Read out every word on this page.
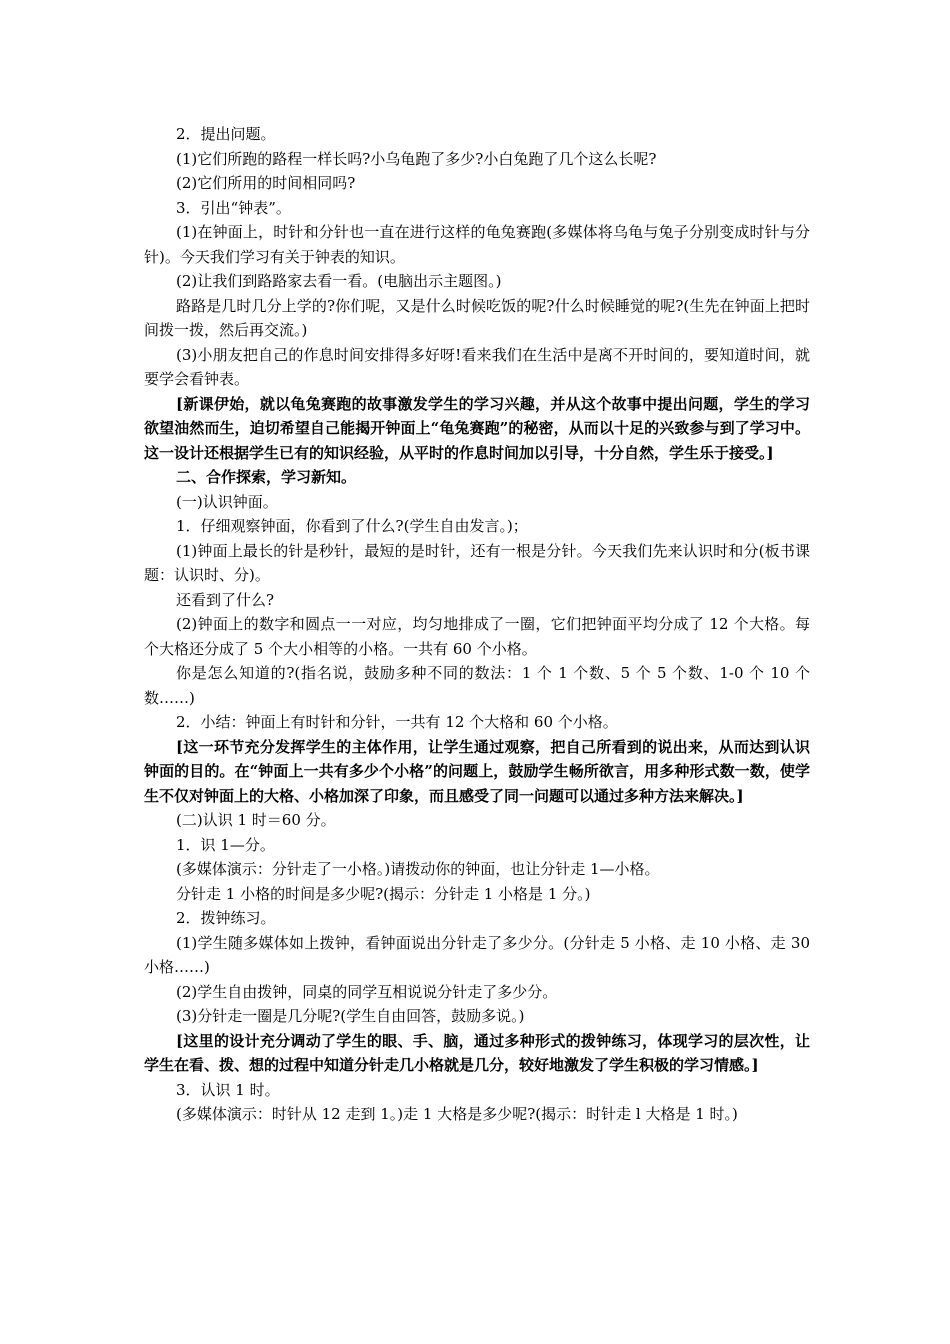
2．提出问题。

(1)它们所跑的路程一样长吗?小乌龟跑了多少?小白兔跑了几个这么长呢?

(2)它们所用的时间相同吗?

3．引出“钟表”。

(1)在钟面上，时针和分针也一直在进行这样的龟兔赛跑(多媒体将乌龟与兔子分别变成时针与分针)。今天我们学习有关于钟表的知识。

(2)让我们到路路家去看一看。(电脑出示主题图。)

路路是几时几分上学的?你们呢，又是什么时候吃饭的呢?什么时候睡觉的呢?(生先在钟面上把时间拨一拨，然后再交流。)

(3)小朋友把自己的作息时间安排得多好呀!看来我们在生活中是离不开时间的，要知道时间，就要学会看钟表。

[新课伊始，就以龟兔赛跑的故事激发学生的学习兴趣，并从这个故事中提出问题，学生的学习欲望油然而生，迫切希望自己能揭开钟面上“龟兔赛跑”的秘密，从而以十足的兴致参与到了学习中。这一设计还根据学生已有的知识经验，从平时的作息时间加以引导，十分自然，学生乐于接受。]

二、合作探索，学习新知。

(一)认识钟面。

1．仔细观察钟面，你看到了什么?(学生自由发言。)；

(1)钟面上最长的针是秒针，最短的是时针，还有一根是分针。今天我们先来认识时和分(板书课题：认识时、分)。

还看到了什么?

(2)钟面上的数字和圆点一一对应，均匀地排成了一圈，它们把钟面平均分成了 12 个大格。每个大格还分成了 5 个大小相等的小格。一共有 60 个小格。

你是怎么知道的?(指名说，鼓励多种不同的数法：1 个 1 个数、5 个 5 个数、1-0 个 10 个数……)

2．小结：钟面上有时针和分针，一共有 12 个大格和 60 个小格。

[这一环节充分发挥学生的主体作用，让学生通过观察，把自己所看到的说出来，从而达到认识钟面的目的。在“钟面上一共有多少个小格”的问题上，鼓励学生畅所欲言，用多种形式数一数，使学生不仅对钟面上的大格、小格加深了印象，而且感受了同一问题可以通过多种方法来解决。]

(二)认识 1 时＝60 分。

1．识 1—分。

(多媒体演示：分针走了一小格。)请拨动你的钟面，也让分针走 1—小格。

分针走 1 小格的时间是多少呢?(揭示：分针走 1 小格是 1 分。)

2．拨钟练习。

(1)学生随多媒体如上拨钟，看钟面说出分针走了多少分。(分针走 5 小格、走 10 小格、走 30 小格……)

(2)学生自由拨钟，同桌的同学互相说说分针走了多少分。

(3)分针走一圈是几分呢?(学生自由回答，鼓励多说。)

[这里的设计充分调动了学生的眼、手、脑，通过多种形式的拨钟练习，体现学习的层次性，让学生在看、拨、想的过程中知道分针走几小格就是几分，较好地激发了学生积极的学习情感。]

3．认识 1 时。

(多媒体演示：时针从 12 走到 1。)走 1 大格是多少呢?(揭示：时针走 l 大格是 1 时。)
